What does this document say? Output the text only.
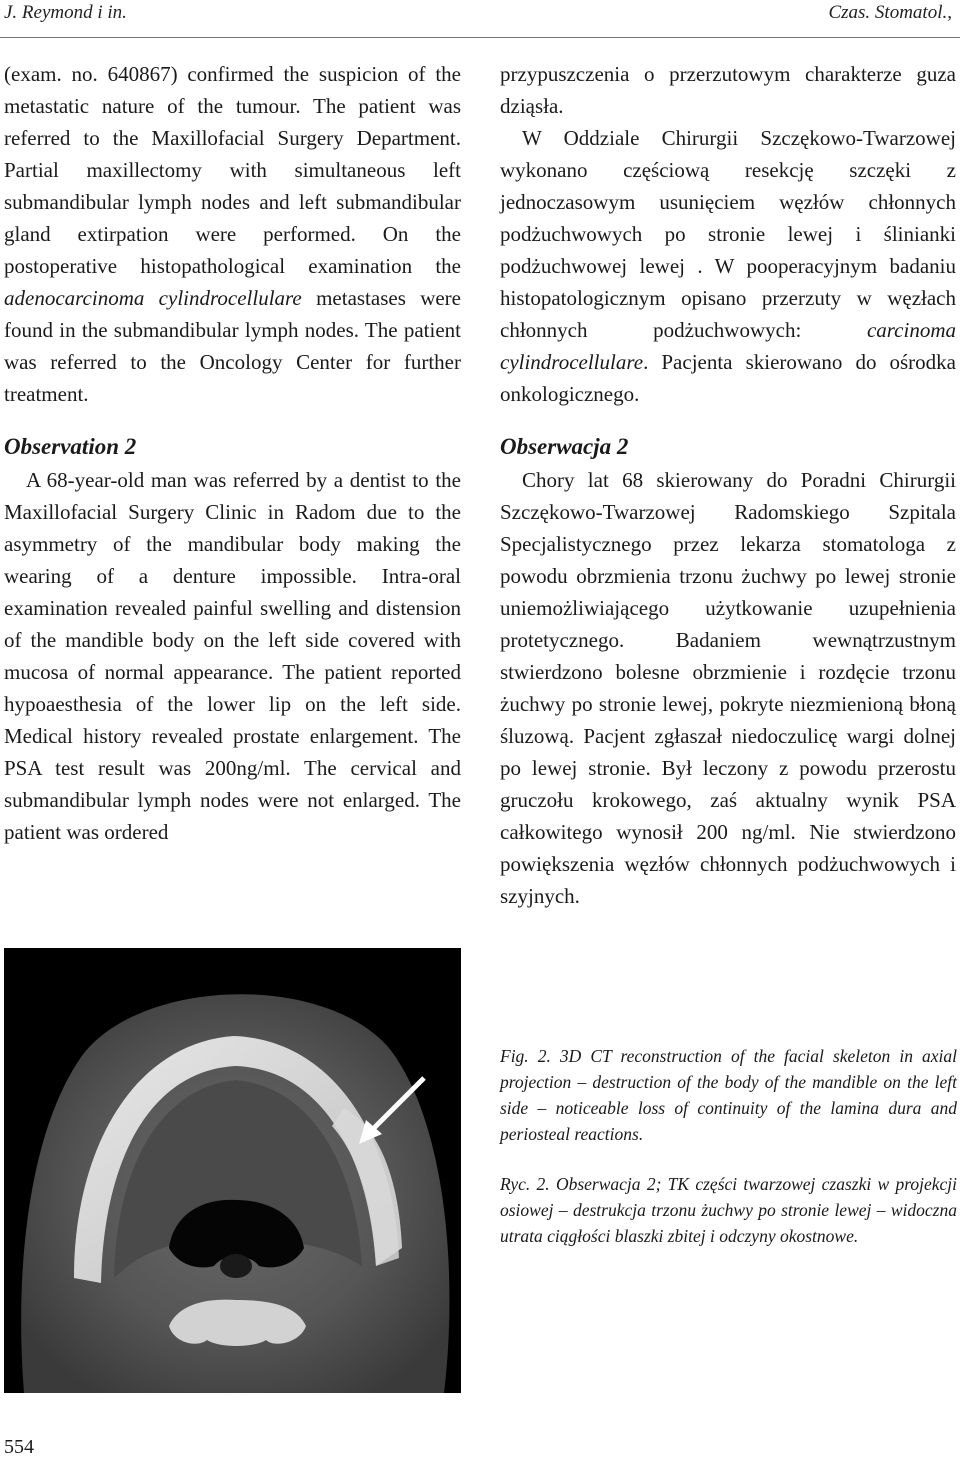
J. Reymond i in.	Czas. Stomatol.,

(exam. no. 640867) confirmed the suspicion of the metastatic nature of the tumour. The patient was referred to the Maxillofacial Surgery Department. Partial maxillectomy with simultaneous left submandibular lymph nodes and left submandibular gland extirpation were performed. On the postoperative histopathological examination the adenocarcinoma cylindrocellulare metastases were found in the submandibular lymph nodes. The patient was referred to the Oncology Center for further treatment.

Observation 2

A 68-year-old man was referred by a dentist to the Maxillofacial Surgery Clinic in Radom due to the asymmetry of the mandibular body making the wearing of a denture impossible. Intra-oral examination revealed painful swelling and distension of the mandible body on the left side covered with mucosa of normal appearance. The patient reported hypoaesthesia of the lower lip on the left side. Medical history revealed prostate enlargement. The PSA test result was 200ng/ml. The cervical and submandibular lymph nodes were not enlarged. The patient was ordered

przypuszczenia o przerzutowym charakterze guza dziąsła.

W Oddziale Chirurgii Szczękowo-Twarzowej wykonano częściową resekcję szczęki z jednoczasowym usunięciem węzłów chłonnych podżuchwowych po stronie lewej i ślinianki podżuchwowej lewej . W pooperacyjnym badaniu histopatologicznym opisano przerzuty w węzłach chłonnych podżuchwowych: carcinoma cylindrocellulare. Pacjenta skierowano do ośrodka onkologicznego.

Obserwacja 2

Chory lat 68 skierowany do Poradni Chirurgii Szczękowo-Twarzowej Radomskiego Szpitala Specjalistycznego przez lekarza stomatologa z powodu obrzmienia trzonu żuchwy po lewej stronie uniemożliwiającego użytkowanie uzupełnienia protetycznego. Badaniem wewnątrzustnym stwierdzono bolesne obrzmienie i rozdęcie trzonu żuchwy po stronie lewej, pokryte niezmienioną błoną śluzową. Pacjent zgłaszał niedoczulicę wargi dolnej po lewej stronie. Był leczony z powodu przerostu gruczołu krokowego, zaś aktualny wynik PSA całkowitego wynosił 200 ng/ml. Nie stwierdzono powiększenia węzłów chłonnych podżuchwowych i szyjnych.

Fig. 2. 3D CT reconstruction of the facial skeleton in axial projection – destruction of the body of the mandible on the left side – noticeable loss of continuity of the lamina dura and periosteal reactions.

Ryc. 2. Obserwacja 2; TK części twarzowej czaszki w projekcji osiowej – destrukcja trzonu żuchwy po stronie lewej – widoczna utrata ciągłości blaszki zbitej i odczyny okostnowe.

554
